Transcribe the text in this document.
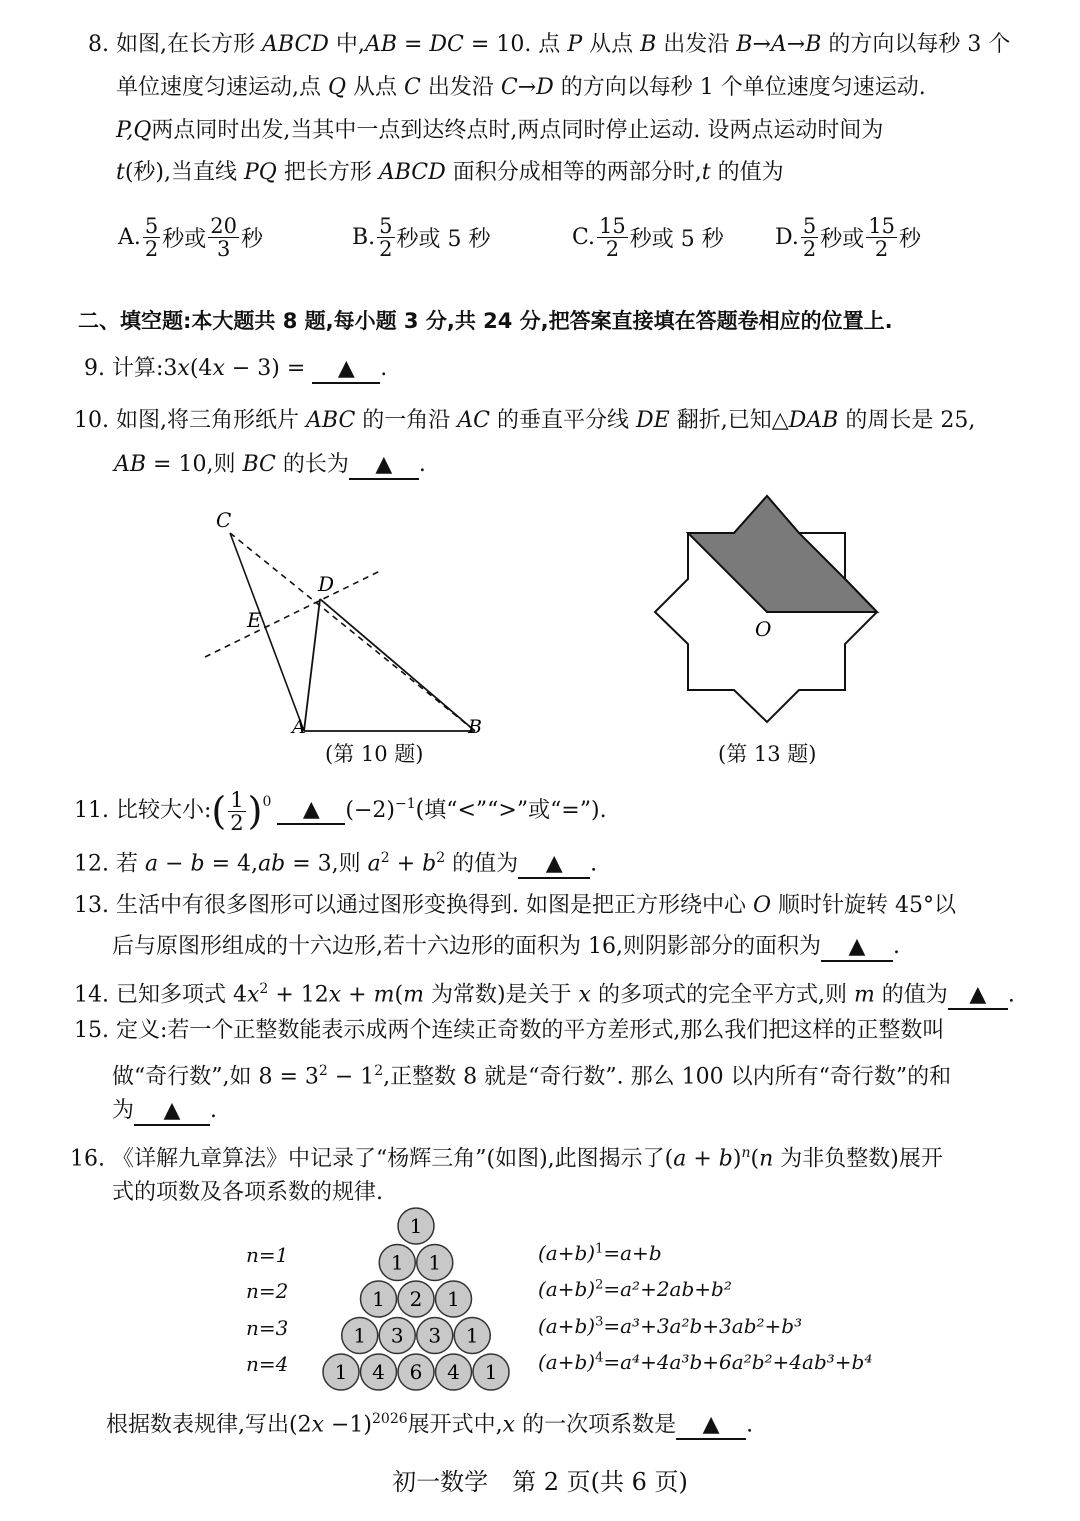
8. 如图,在长方形 ABCD 中,AB = DC = 10. 点 P 从点 B 出发沿 B→A→B 的方向以每秒 3 个
单位速度匀速运动,点 Q 从点 C 出发沿 C→D 的方向以每秒 1 个单位速度匀速运动.
P,Q两点同时出发,当其中一点到达终点时,两点同时停止运动. 设两点运动时间为
t(秒),当直线 PQ 把长方形 ABCD 面积分成相等的两部分时,t 的值为
A. $\frac{5}{2}$ 秒或 $\frac{20}{3}$ 秒	B. $\frac{5}{2}$ 秒或 5 秒	C. $\frac{15}{2}$ 秒或 5 秒 D. $\frac{5}{2}$ 秒或 $\frac{15}{2}$ 秒
二、填空题:本大题共 8 题,每小题 3 分,共 24 分,把答案直接填在答题卷相应的位置上.
9. 计算:3x(4x − 3) = ▲ .
10. 如图,将三角形纸片 ABC 的一角沿 AC 的垂直平分线 DE 翻折,已知△DAB 的周长是 25,
AB = 10,则 BC 的长为 ▲ .
C
D
E
A	B
(第 10 题)
O
(第 13 题)
11.
比较大小: ( $\frac{1}{2} )^0$	▲	$(-2)^{-1}$ (填“<”“>”或“=”).
12. 若 a − b = 4,ab = 3,则 $a^2 + b^2$ 的值为 ▲ .
13. 生活中有很多图形可以通过图形变换得到. 如图是把正方形绕中心 O 顺时针旋转 45°以
后与原图形组成的十六边形,若十六边形的面积为 16,则阴影部分的面积为 ▲ .
14. 已知多项式 $4x^2 + 12x + m(m$ 为常数)是关于 x 的多项式的完全平方式,则 m 的值为 ▲ .
15. 定义:若一个正整数能表示成两个连续正奇数的平方差形式,那么我们把这样的正整数叫
做“奇行数”,如 $8 = 3^2 - 1^2$,正整数 8 就是“奇行数”. 那么 100 以内所有“奇行数”的和
为 ▲ .
16. 《详解九章算法》中记录了“杨辉三角”(如图),此图揭示了$(a + b)^n(n$ 为非负整数)展开
式的项数及各项系数的规律.
n=1
n=2
n=3
n=4
1
1 1
1 2 1
1 3 3 1
1 4 6 4 1
$(a+b)^1=a+b$
$(a+b)^2=a^2+2ab+b^2$
$(a+b)^3=a^3+3a^2b+3ab^2+b^3$
$(a+b)^4=a^4+4a^3b+6a^2b^2+4ab^3+b^4$
根据数表规律,写出$(2x -1)^{2026}$展开式中,x 的一次项系数是 ▲ .
初一数学　第 2 页(共 6 页)
